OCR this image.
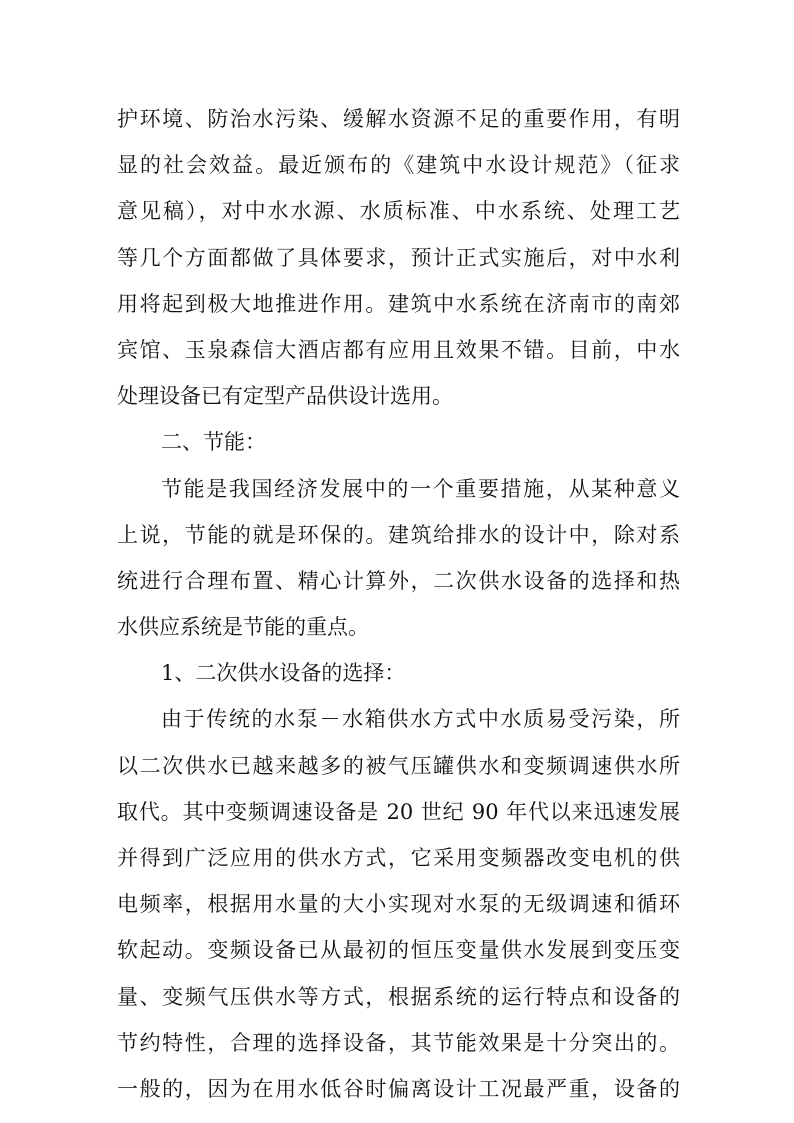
护环境、防治水污染、缓解水资源不足的重要作用，有明
显的社会效益。最近颁布的《建筑中水设计规范》（征求
意见稿），对中水水源、水质标准、中水系统、处理工艺
等几个方面都做了具体要求，预计正式实施后，对中水利
用将起到极大地推进作用。建筑中水系统在济南市的南郊
宾馆、玉泉森信大酒店都有应用且效果不错。目前，中水
处理设备已有定型产品供设计选用。
二、节能：
节能是我国经济发展中的一个重要措施，从某种意义
上说，节能的就是环保的。建筑给排水的设计中，除对系
统进行合理布置、精心计算外，二次供水设备的选择和热
水供应系统是节能的重点。
1、二次供水设备的选择：
由于传统的水泵－水箱供水方式中水质易受污染，所
以二次供水已越来越多的被气压罐供水和变频调速供水所
取代。其中变频调速设备是 20 世纪 90 年代以来迅速发展
并得到广泛应用的供水方式，它采用变频器改变电机的供
电频率，根据用水量的大小实现对水泵的无级调速和循环
软起动。变频设备已从最初的恒压变量供水发展到变压变
量、变频气压供水等方式，根据系统的运行特点和设备的
节约特性，合理的选择设备，其节能效果是十分突出的。
一般的，因为在用水低谷时偏离设计工况最严重，设备的
